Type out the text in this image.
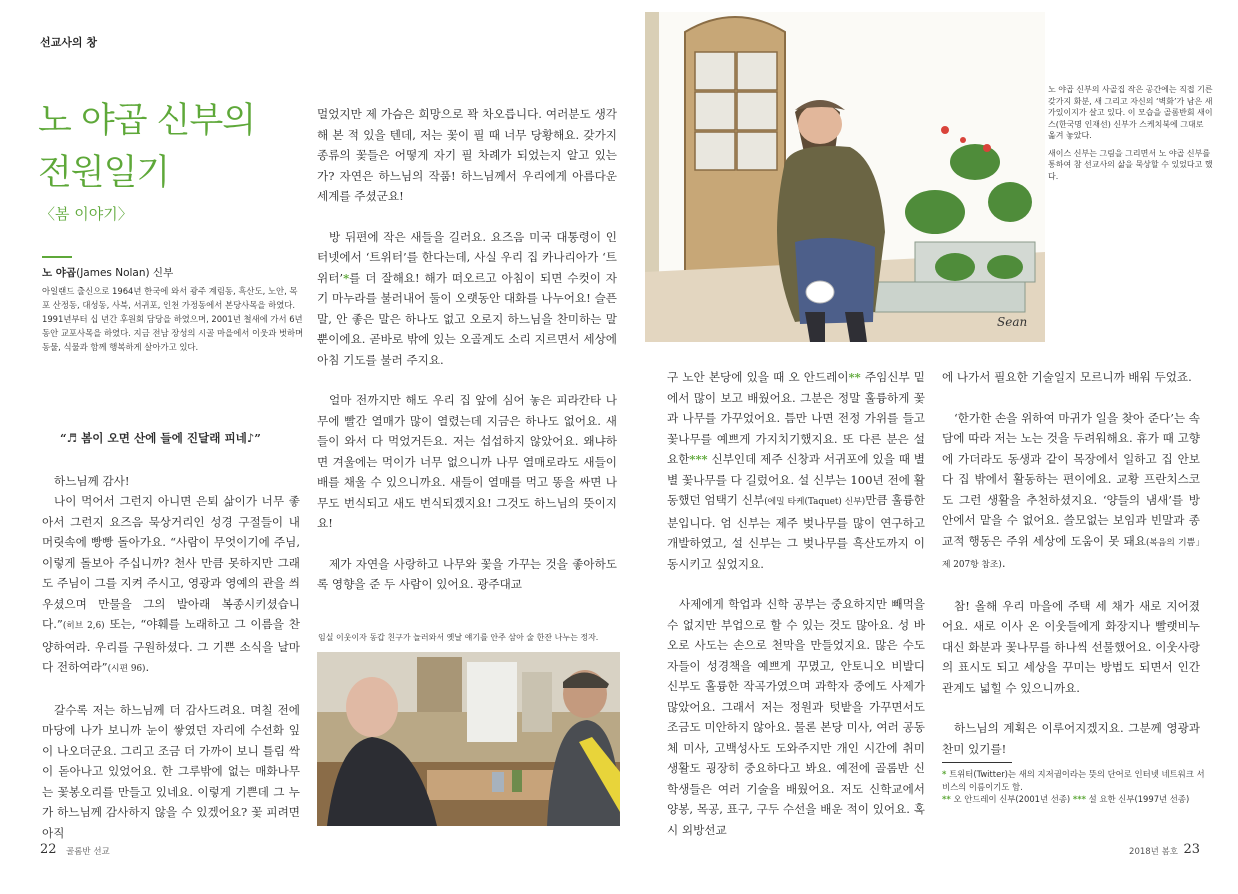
선교사의 창
노 야곱 신부의
전원일기
〈봄 이야기〉
노 야곱(James Nolan) 신부
아일랜드 출신으로 1964년 한국에 와서 광주 계림동, 흑산도, 노안, 목포 산정동, 대성동, 사북, 서귀포, 인천 가정동에서 본당사목을 하였다. 1991년부터 십 년간 후원회 담당을 하였으며, 2001년 철새에 가서 6년 동안 교포사목을 하였다. 지금 전남 장성의 시골 마을에서 이웃과 벗하며 동물, 식물과 함께 행복하게 살아가고 있다.

“♬ 봄이 오면 산에 들에 진달래 피네♪”

하느님께 감사!

나이 먹어서 그런지 아니면 은퇴 삶이가 너무 좋아서 그런지 요즈음 묵상거리인 성경 구절들이 내 머릿속에 빵빵 돌아가요. “사람이 무엇이기에 주님, 이렇게 돌보아 주십니까? 천사 만큼 못하지만 그래도 주님이 그를 지켜 주시고, 영광과 영예의 관을 씌우셨으며 만물을 그의 발아래 복종시키셨습니다.”(히브 2,6) 또는, “야훼를 노래하고 그 이름을 찬양하여라. 우리를 구원하셨다. 그 기쁜 소식을 날마다 전하여라”(시편 96).

갈수록 저는 하느님께 더 감사드려요. 며칠 전에 마당에 나가 보니까 눈이 쌓였던 자리에 수선화 잎이 나오더군요. 그리고 조금 더 가까이 보니 틀림 싹이 돋아나고 있었어요. 한 그루밖에 없는 매화나무는 꽃봉오리를 만들고 있네요. 이렇게 기쁜데 그 누가 하느님께 감사하지 않을 수 있겠어요? 꽃 피려면 아직

멀었지만 제 가슴은 희망으로 꽉 차오릅니다. 여러분도 생각해 본 적 있을 텐데, 저는 꽃이 필 때 너무 당황해요. 갖가지 종류의 꽃들은 어떻게 자기 필 차례가 되었는지 알고 있는가? 자연은 하느님의 작품! 하느님께서 우리에게 아름다운 세계를 주셨군요!

방 뒤편에 작은 새들을 길러요. 요즈음 미국 대통령이 인터넷에서 ‘트위터’를 한다는데, 사실 우리 집 카나리아가 ‘트위터’*를 더 잘해요! 해가 떠오르고 아침이 되면 수컷이 자기 마누라를 불러내어 둘이 오랫동안 대화를 나누어요! 슬픈 말, 안 좋은 말은 하나도 없고 오로지 하느님을 찬미하는 말 뿐이에요. 곧바로 밖에 있는 오골계도 소리 지르면서 세상에 아침 기도를 불러 주지요.

얼마 전까지만 해도 우리 집 앞에 심어 놓은 피라칸타 나무에 빨간 열매가 많이 열렸는데 지금은 하나도 없어요. 새들이 와서 다 먹었거든요. 저는 섭섭하지 않았어요. 왜냐하면 겨울에는 먹이가 너무 없으니까 나무 열매로라도 새들이 배를 채울 수 있으니까요. 새들이 열매를 먹고 똥을 싸면 나무도 번식되고 새도 번식되겠지요! 그것도 하느님의 뜻이지요!

제가 자연을 사랑하고 나무와 꽃을 가꾸는 것을 좋아하도록 영향을 준 두 사람이 있어요. 광주대교

임실 이웃이자 동갑 친구가 놀러와서 옛날 얘기를 안주 삼아 술 한잔 나누는 정자.
Sean

노 야곱 신부의 사골집 작은 공간에는 직접 기른 갖가지 화분, 새 그리고 자신의 ‘벽화’가 남은 새가있이지가 살고 있다. 이 모습을 골롬반회 새이스(한국명 인재선) 신부가 스케치북에 그대로 옮겨 놓았다.

새이스 신부는 그림을 그리면서 노 야곱 신부를 통하여 참 선교사의 삶을 묵상할 수 있었다고 했다.

구 노안 본당에 있을 때 오 안드레이** 주임신부 밑에서 많이 보고 배웠어요. 그분은 정말 훌륭하게 꽃과 나무를 가꾸었어요. 틈만 나면 전정 가위를 들고 꽃나무를 예쁘게 가지치기했지요. 또 다른 분은 설 요한*** 신부인데 제주 신창과 서귀포에 있을 때 별별 꽃나무를 다 길렀어요. 설 신부는 100년 전에 활동했던 엄택기 신부(에밀 타케(Taquet) 신부)만큼 훌륭한 분입니다. 엄 신부는 제주 벚나무를 많이 연구하고 개발하였고, 설 신부는 그 벚나무를 흑산도까지 이동시키고 싶었지요.

사제에게 학업과 신학 공부는 중요하지만 빼먹을 수 없지만 부업으로 할 수 있는 것도 많아요. 성 바오로 사도는 손으로 천막을 만들었지요. 많은 수도자들이 성경책을 예쁘게 꾸몄고, 안토니오 비발디 신부도 훌륭한 작곡가였으며 과학자 중에도 사제가 많았어요. 그래서 저는 정원과 텃밭을 가꾸면서도 조금도 미안하지 않아요. 물론 본당 미사, 여러 공동체 미사, 고백성사도 도와주지만 개인 시간에 취미 생활도 굉장히 중요하다고 봐요. 예전에 골롬반 신학생들은 여러 기술을 배웠어요. 저도 신학교에서 양봉, 목공, 표구, 구두 수선을 배운 적이 있어요. 혹시 외방선교

에 나가서 필요한 기술일지 모르니까 배워 두었죠.

‘한가한 손을 위하여 마귀가 일을 찾아 준다’는 속담에 따라 저는 노는 것을 두려워해요. 휴가 때 고향에 가더라도 동생과 같이 목장에서 일하고 집 안보다 집 밖에서 활동하는 편이에요. 교황 프란치스코도 그런 생활을 추천하셨지요. ‘양들의 냄새’를 방 안에서 맡을 수 없어요. 쓸모없는 보임과 빈말과 종교적 행동은 주위 세상에 도움이 못 돼요(복음의 기쁨」제 207항 참조).

참! 올해 우리 마을에 주택 세 채가 새로 지어졌어요. 새로 이사 온 이웃들에게 화장지나 빨랫비누 대신 화분과 꽃나무를 하나씩 선물했어요. 이웃사랑의 표시도 되고 세상을 꾸미는 방법도 되면서 인간관계도 넓힐 수 있으니까요.

하느님의 계획은 이루어지겠지요. 그분께 영광과 찬미 있기를!

* 트위터(Twitter)는 새의 지저귐이라는 뜻의 단어로 인터넷 네트워크 서비스의 이름이기도 함.
** 오 안드레이 신부(2001년 선종) *** 설 요한 신부(1997년 선종)
22 골롬반 선교	2018년 봄호 23
